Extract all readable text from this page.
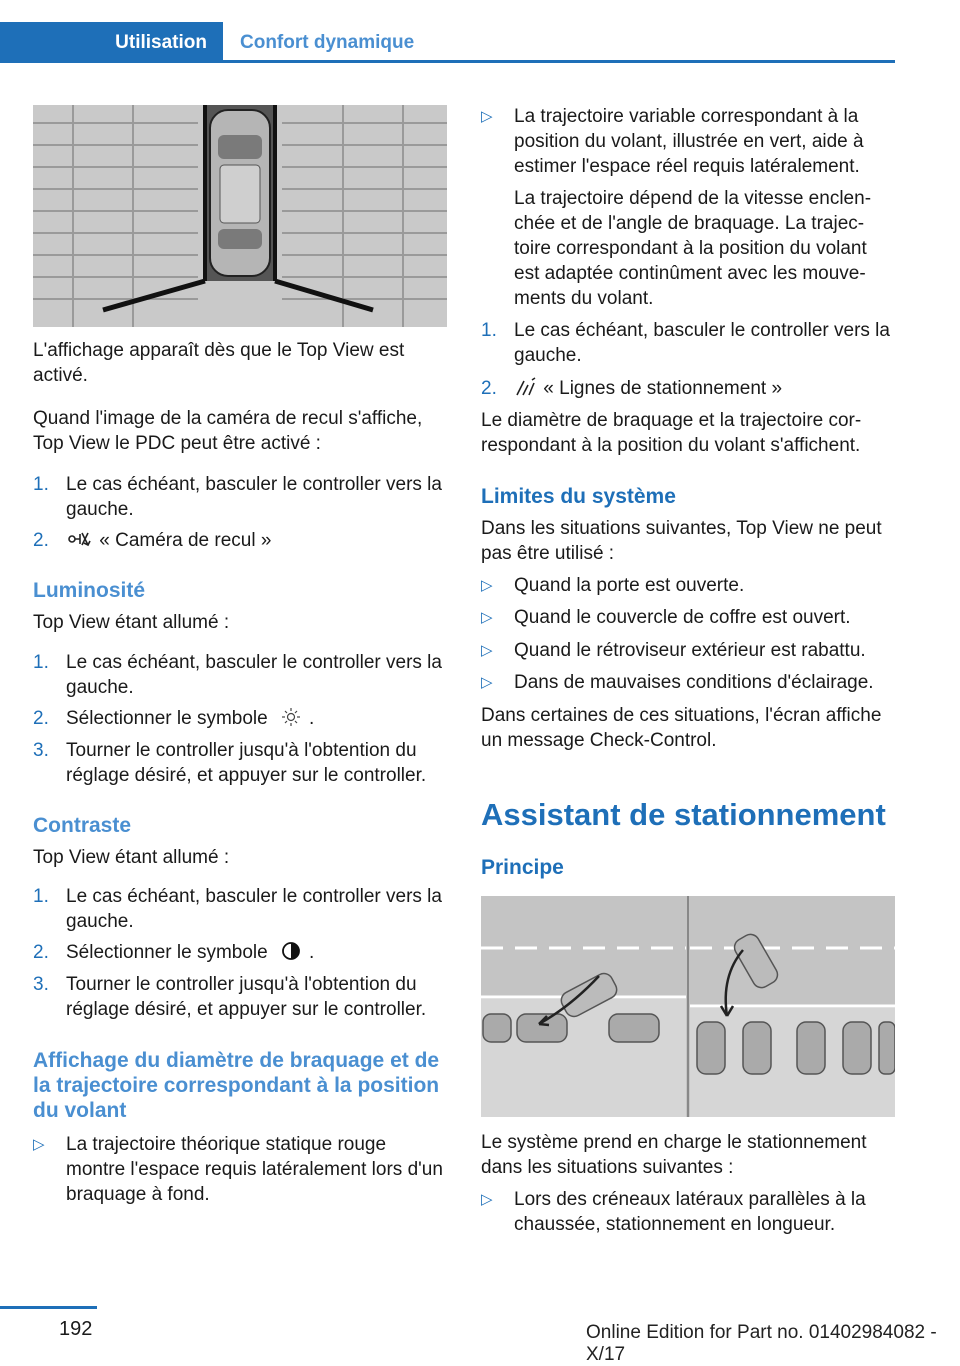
Utilisation Confort dynamique

L'affichage apparaît dès que le Top View est activé.

Quand l'image de la caméra de recul s'affiche, Top View le PDC peut être activé :

1. Le cas échéant, basculer le controller vers la gauche.
2.	« Caméra de recul »
Luminosité

Top View étant allumé :

1. Le cas échéant, basculer le controller vers la gauche.
2. Sélectionner le symbole .
3. Tourner le controller jusqu'à l'obtention du réglage désiré, et appuyer sur le controller.
Contraste

Top View étant allumé :

1. Le cas échéant, basculer le controller vers la gauche.
2. Sélectionner le symbole .
3. Tourner le controller jusqu'à l'obtention du réglage désiré, et appuyer sur le controller.
Affichage du diamètre de braquage et de la trajectoire correspondant à la position du volant
▷ La trajectoire théorique statique rouge montre l'espace requis latéralement lors d'un braquage à fond.
▷ La trajectoire variable correspondant à la position du volant, illustrée en vert, aide à estimer l'espace réel requis latéralement.
La trajectoire dépend de la vitesse enclenchée et de l'angle de braquage. La trajectoire correspondant à la position du volant est adaptée continûment avec les mouvements du volant.
1. Le cas échéant, basculer le controller vers la gauche.
2.	« Lignes de stationnement »

Le diamètre de braquage et la trajectoire correspondant à la position du volant s'affichent.

Limites du système

Dans les situations suivantes, Top View ne peut pas être utilisé :

▷ Quand la porte est ouverte.
▷ Quand le couvercle de coffre est ouvert.
▷ Quand le rétroviseur extérieur est rabattu.
▷ Dans de mauvaises conditions d'éclairage.

Dans certaines de ces situations, l'écran affiche un message Check-Control.

Assistant de stationnement
Principe

Le système prend en charge le stationnement dans les situations suivantes :

▷ Lors des créneaux latéraux parallèles à la chaussée, stationnement en longueur.
192	Online Edition for Part no. 01402984082 - X/17
